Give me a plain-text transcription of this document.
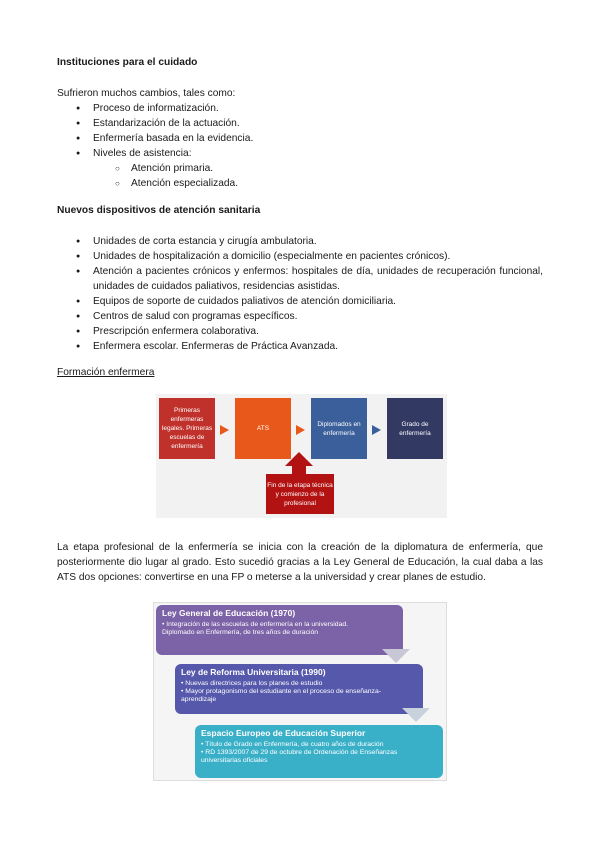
Instituciones para el cuidado
Sufrieron muchos cambios, tales como:
● Proceso de informatización.
● Estandarización de la actuación.
● Enfermería basada en la evidencia.
● Niveles de asistencia:
○ Atención primaria.
○ Atención especializada.
Nuevos dispositivos de atención sanitaria
● Unidades de corta estancia y cirugía ambulatoria.
● Unidades de hospitalización a domicilio (especialmente en pacientes crónicos).
● Atención a pacientes crónicos y enfermos: hospitales de día, unidades de recuperación funcional, unidades de cuidados paliativos, residencias asistidas.
● Equipos de soporte de cuidados paliativos de atención domiciliaria.
● Centros de salud con programas específicos.
● Prescripción enfermera colaborativa.
● Enfermera escolar. Enfermeras de Práctica Avanzada.
Formación enfermera
Primeras enfermeras legales. Primeras escuelas de enfermería
ATS
Diplomados en enfermería
Grado de enfermería
Fin de la etapa técnica y comienzo de la profesional
La etapa profesional de la enfermería se inicia con la creación de la diplomatura de enfermería, que posteriormente dio lugar al grado. Esto sucedió gracias a la Ley General de Educación, la cual daba a las ATS dos opciones: convertirse en una FP o meterse a la universidad y crear planes de estudio.
Ley General de Educación (1970)
• Integración de las escuelas de enfermería en la universidad. Diplomado en Enfermería, de tres años de duración
Ley de Reforma Universitaria (1990)
• Nuevas directrices para los planes de estudio
• Mayor protagonismo del estudiante en el proceso de enseñanza-aprendizaje
Espacio Europeo de Educación Superior
• Título de Grado en Enfermería, de cuatro años de duración
• RD 1393/2007 de 29 de octubre de Ordenación de Enseñanzas universitarias oficiales
